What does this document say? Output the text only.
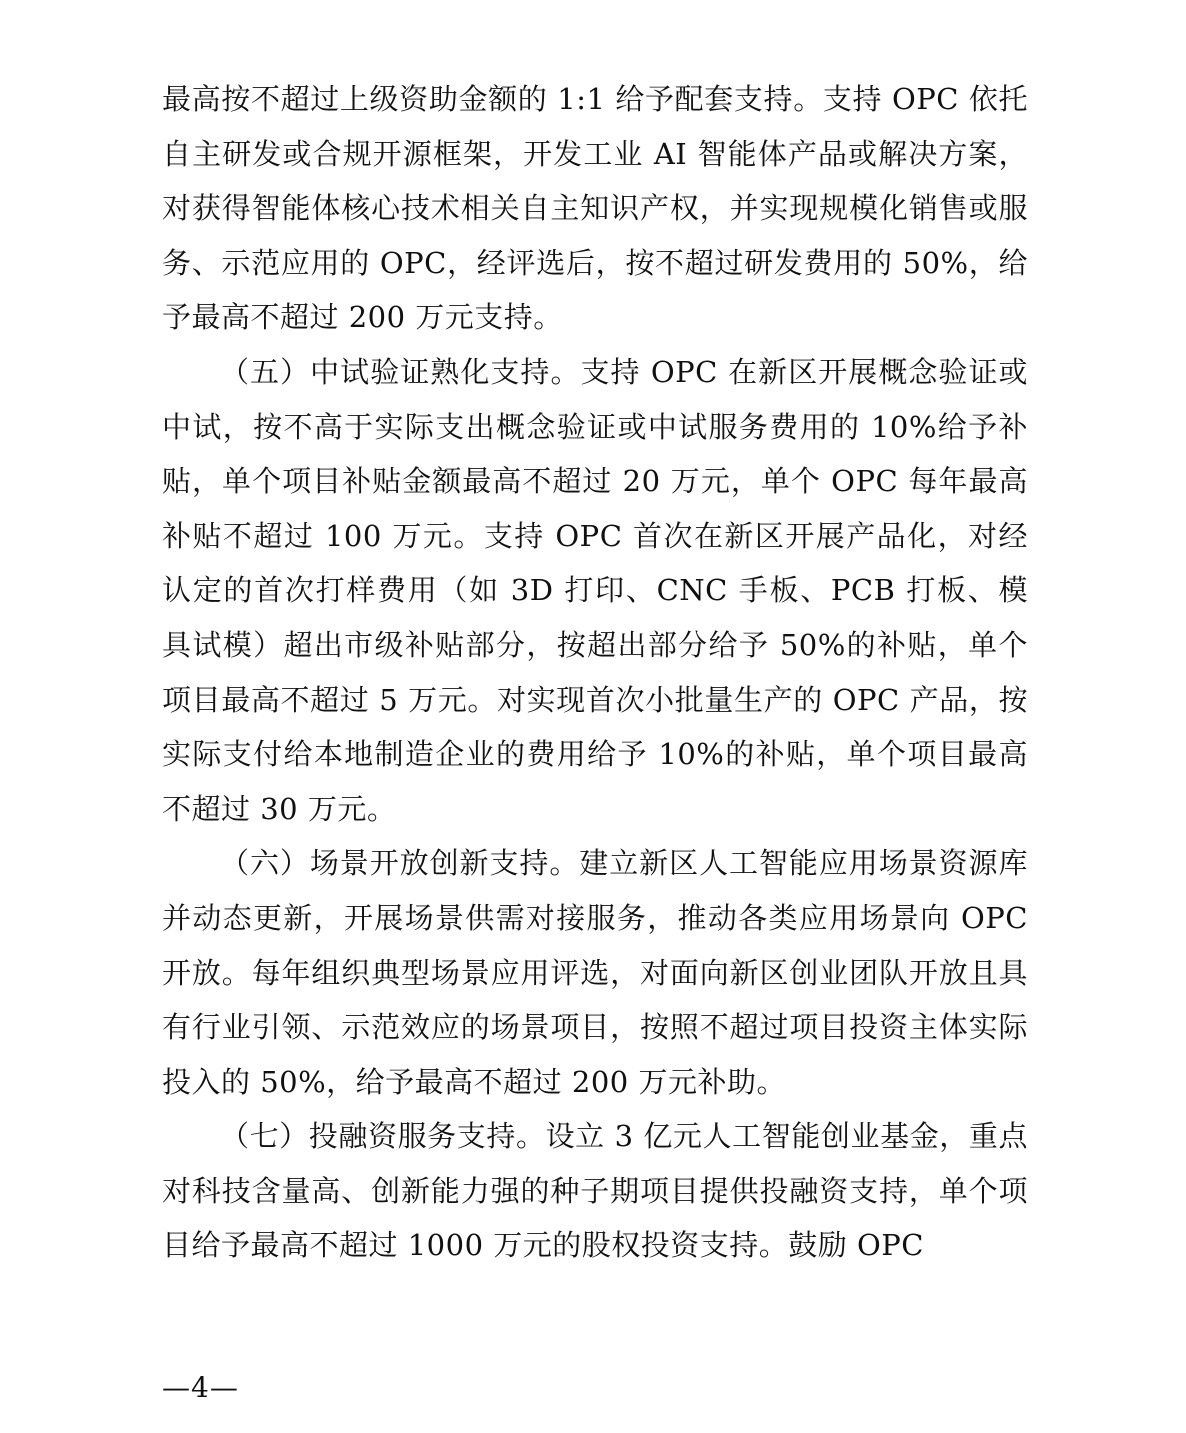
最高按不超过上级资助金额的 1:1 给予配套支持。支持 OPC 依托自主研发或合规开源框架，开发工业 AI 智能体产品或解决方案，对获得智能体核心技术相关自主知识产权，并实现规模化销售或服务、示范应用的 OPC，经评选后，按不超过研发费用的 50%，给予最高不超过 200 万元支持。

（五）中试验证熟化支持。支持 OPC 在新区开展概念验证或中试，按不高于实际支出概念验证或中试服务费用的 10%给予补贴，单个项目补贴金额最高不超过 20 万元，单个 OPC 每年最高补贴不超过 100 万元。支持 OPC 首次在新区开展产品化，对经认定的首次打样费用（如 3D 打印、CNC 手板、PCB 打板、模具试模）超出市级补贴部分，按超出部分给予 50%的补贴，单个项目最高不超过 5 万元。对实现首次小批量生产的 OPC 产品，按实际支付给本地制造企业的费用给予 10%的补贴，单个项目最高不超过 30 万元。

（六）场景开放创新支持。建立新区人工智能应用场景资源库并动态更新，开展场景供需对接服务，推动各类应用场景向 OPC 开放。每年组织典型场景应用评选，对面向新区创业团队开放且具有行业引领、示范效应的场景项目，按照不超过项目投资主体实际投入的 50%，给予最高不超过 200 万元补助。

（七）投融资服务支持。设立 3 亿元人工智能创业基金，重点对科技含量高、创新能力强的种子期项目提供投融资支持，单个项目给予最高不超过 1000 万元的股权投资支持。鼓励 OPC

—4—
